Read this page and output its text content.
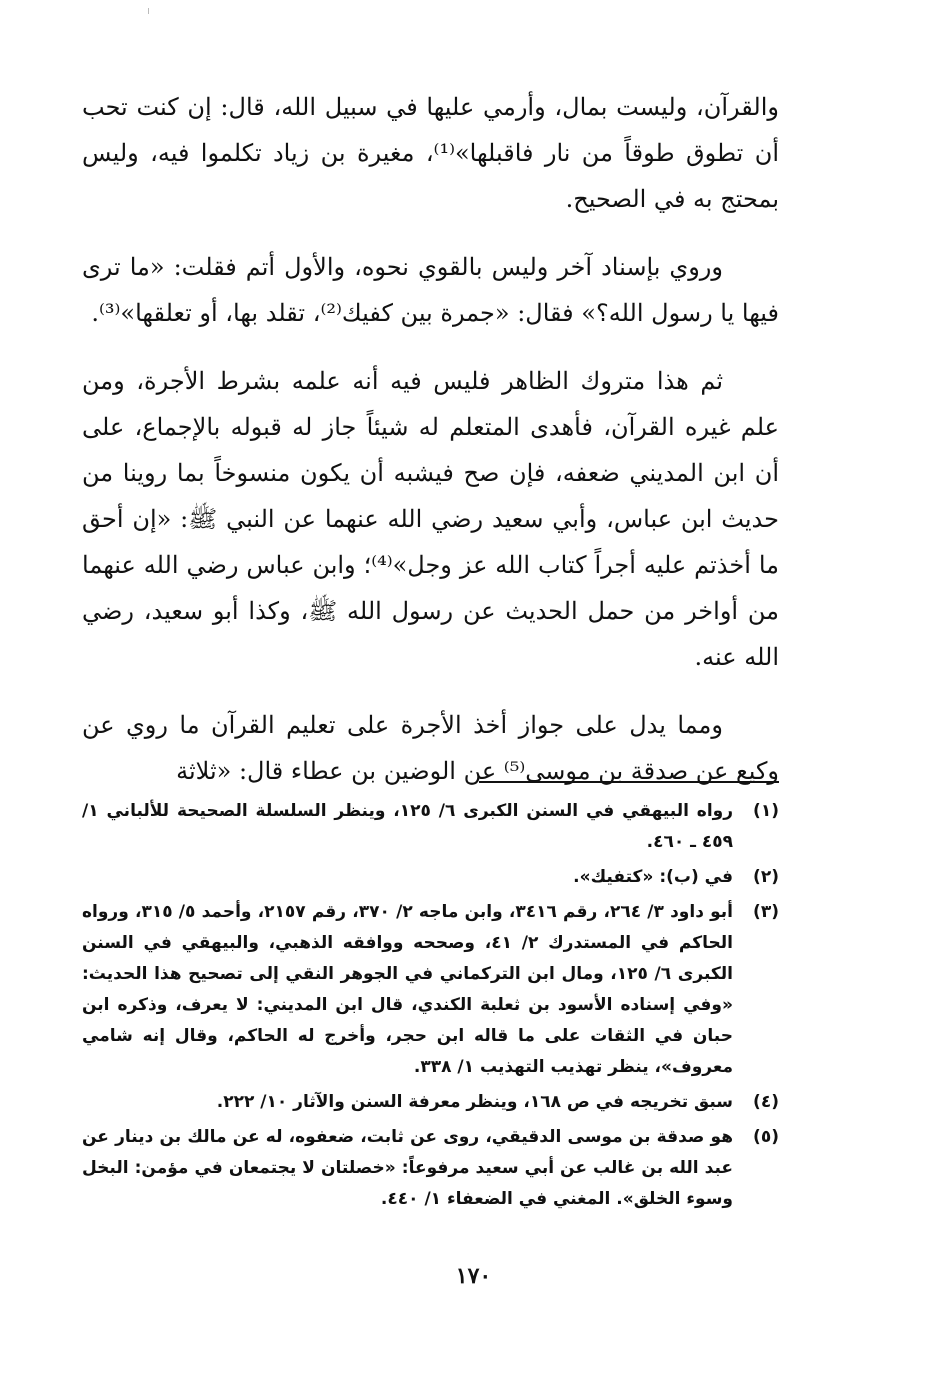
والقرآن، وليست بمال، وأرمي عليها في سبيل الله، قال: إن كنت تحب أن تطوق طوقاً من نار فاقبلها»⁽¹⁾، مغيرة بن زياد تكلموا فيه، وليس بمحتج به في الصحيح.

وروي بإسناد آخر وليس بالقوي نحوه، والأول أتم فقلت: «ما ترى فيها يا رسول الله؟» فقال: «جمرة بين كفيك⁽²⁾، تقلد بها، أو تعلقها»⁽³⁾.

ثم هذا متروك الظاهر فليس فيه أنه علمه بشرط الأجرة، ومن علم غيره القرآن، فأهدى المتعلم له شيئاً جاز له قبوله بالإجماع، على أن ابن المديني ضعفه، فإن صح فيشبه أن يكون منسوخاً بما روينا من حديث ابن عباس، وأبي سعيد رضي الله عنهما عن النبي ﷺ: «إن أحق ما أخذتم عليه أجراً كتاب الله عز وجل»⁽⁴⁾؛ وابن عباس رضي الله عنهما من أواخر من حمل الحديث عن رسول الله ﷺ، وكذا أبو سعيد، رضي الله عنه.

ومما يدل على جواز أخذ الأجرة على تعليم القرآن ما روي عن وكيع عن صدقة بن موسى⁽⁵⁾ عن الوضين بن عطاء قال: «ثلاثة

(١)
رواه البيهقي في السنن الكبرى ٦/ ١٢٥، وينظر السلسلة الصحيحة للألباني ١/ ٤٥٩ ـ ٤٦٠.
(٢)
في (ب): «كتفيك».
(٣)
أبو داود ٣/ ٢٦٤، رقم ٣٤١٦، وابن ماجه ٢/ ٣٧٠، رقم ٢١٥٧، وأحمد ٥/ ٣١٥، ورواه الحاكم في المستدرك ٢/ ٤١، وصححه ووافقه الذهبي، والبيهقي في السنن الكبرى ٦/ ١٢٥، ومال ابن التركماني في الجوهر النقي إلى تصحيح هذا الحديث: «وفي إسناده الأسود بن ثعلبة الكندي، قال ابن المديني: لا يعرف، وذكره ابن حبان في الثقات على ما قاله ابن حجر، وأخرج له الحاكم، وقال إنه شامي معروف»، ينظر تهذيب التهذيب ١/ ٣٣٨.
(٤)
سبق تخريجه في ص ١٦٨، وينظر معرفة السنن والآثار ١٠/ ٢٢٢.
(٥)
هو صدقة بن موسى الدقيقي، روى عن ثابت، ضعفوه، له عن مالك بن دينار عن عبد الله بن غالب عن أبي سعيد مرفوعاً: «خصلتان لا يجتمعان في مؤمن: البخل وسوء الخلق». المغني في الضعفاء ١/ ٤٤٠.
١٧٠
